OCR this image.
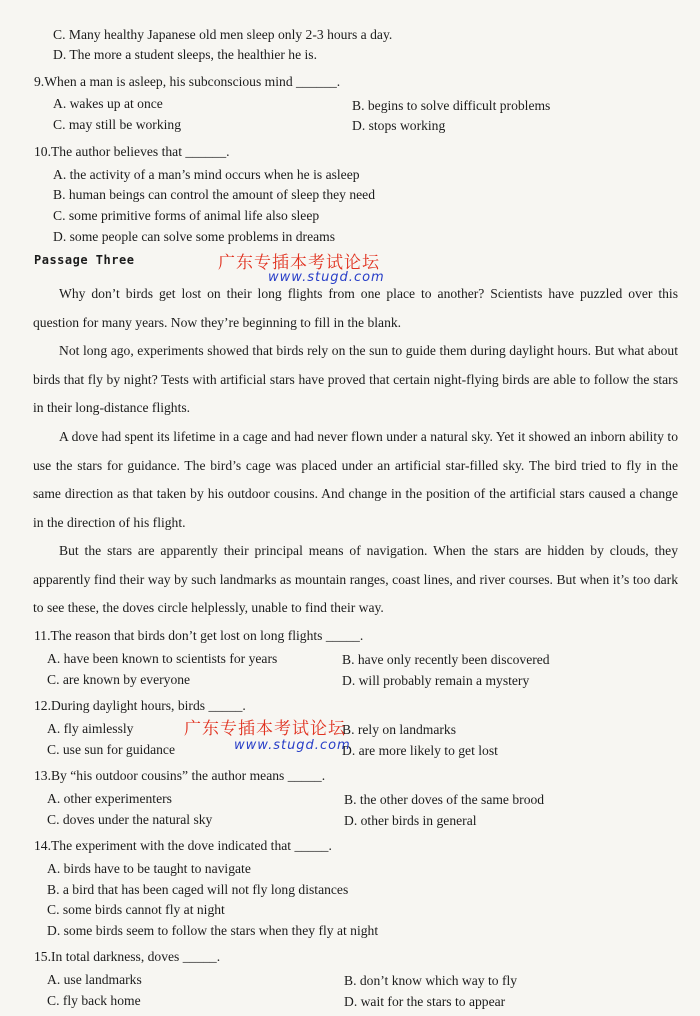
C. Many healthy Japanese old men sleep only 2-3 hours a day.
D. The more a student sleeps, the healthier he is.
9.When a man is asleep, his subconscious mind ______.
A. wakes up at once	B. begins to solve difficult problems
C. may still be working	D. stops working
10.The author believes that ______.
A. the activity of a man’s mind occurs when he is asleep
B. human beings can control the amount of sleep they need
C. some primitive forms of animal life also sleep
D. some people can solve some problems in dreams
Passage Three	广东专插本考试论坛
www.stugd.com
Why don’t birds get lost on their long flights from one place to another? Scientists have puzzled over this question for many years. Now they’re beginning to fill in the blank.
Not long ago, experiments showed that birds rely on the sun to guide them during daylight hours. But what about birds that fly by night? Tests with artificial stars have proved that certain night-flying birds are able to follow the stars in their long-distance flights.
A dove had spent its lifetime in a cage and had never flown under a natural sky. Yet it showed an inborn ability to use the stars for guidance. The bird’s cage was placed under an artificial star-filled sky. The bird tried to fly in the same direction as that taken by his outdoor cousins. And change in the position of the artificial stars caused a change in the direction of his flight.
But the stars are apparently their principal means of navigation. When the stars are hidden by clouds, they apparently find their way by such landmarks as mountain ranges, coast lines, and river courses. But when it’s too dark to see these, the doves circle helplessly, unable to find their way.
11.The reason that birds don’t get lost on long flights _____.
A. have been known to scientists for years	B. have only recently been discovered
C. are known by everyone	D. will probably remain a mystery
12.During daylight hours, birds _____.
A. fly aimlessly	B. rely on landmarks
C. use sun for guidance	D. are more likely to get lost
广东专插本考试论坛
www.stugd.com
13.By “his outdoor cousins” the author means _____.
A. other experimenters	B. the other doves of the same brood
C. doves under the natural sky	D. other birds in general
14.The experiment with the dove indicated that _____.
A. birds have to be taught to navigate
B. a bird that has been caged will not fly long distances
C. some birds cannot fly at night
D. some birds seem to follow the stars when they fly at night
15.In total darkness, doves _____.
A. use landmarks	B. don’t know which way to fly
C. fly back home	D. wait for the stars to appear
